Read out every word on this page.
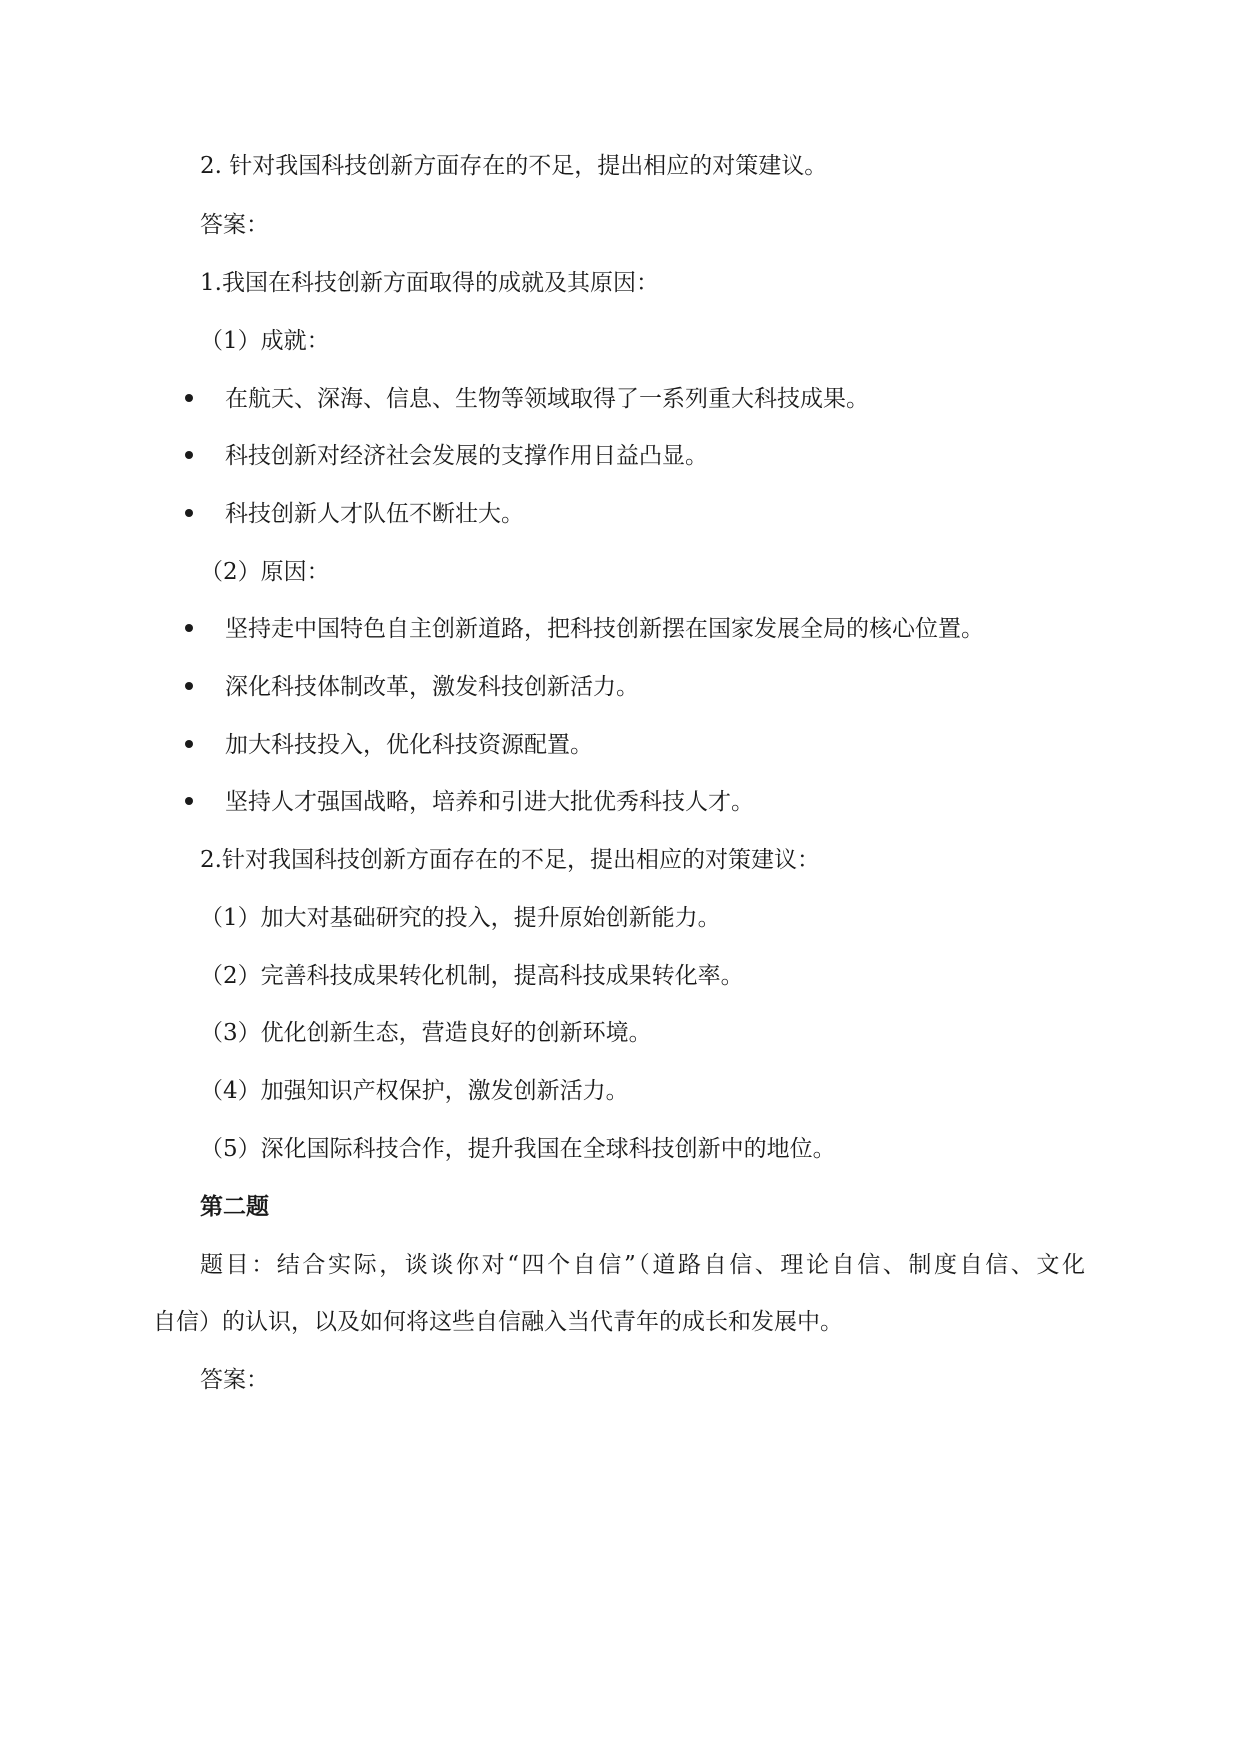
2. 针对我国科技创新方面存在的不足，提出相应的对策建议。
答案：
1.我国在科技创新方面取得的成就及其原因：
（1）成就：
在航天、深海、信息、生物等领域取得了一系列重大科技成果。
科技创新对经济社会发展的支撑作用日益凸显。
科技创新人才队伍不断壮大。
（2）原因：
坚持走中国特色自主创新道路，把科技创新摆在国家发展全局的核心位置。
深化科技体制改革，激发科技创新活力。
加大科技投入，优化科技资源配置。
坚持人才强国战略，培养和引进大批优秀科技人才。
2.针对我国科技创新方面存在的不足，提出相应的对策建议：
（1）加大对基础研究的投入，提升原始创新能力。
（2）完善科技成果转化机制，提高科技成果转化率。
（3）优化创新生态，营造良好的创新环境。
（4）加强知识产权保护，激发创新活力。
（5）深化国际科技合作，提升我国在全球科技创新中的地位。
第二题
题目：结合实际，谈谈你对“四个自信”（道路自信、理论自信、制度自信、文化
自信）的认识，以及如何将这些自信融入当代青年的成长和发展中。
答案：
